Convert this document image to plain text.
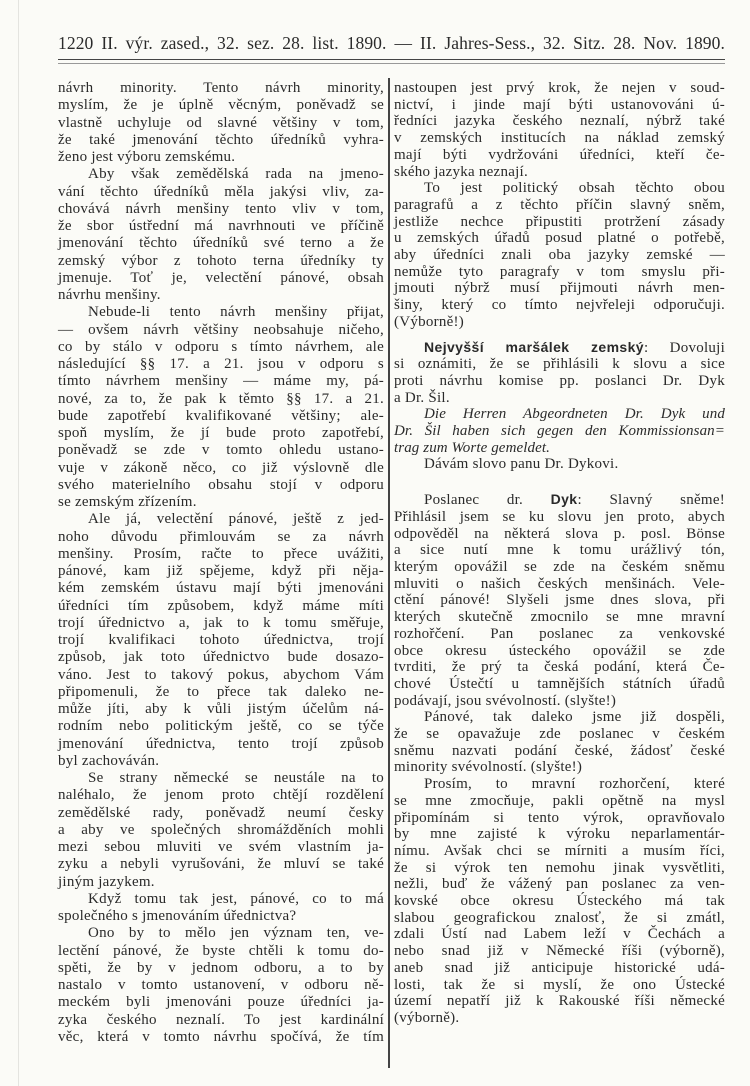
1220 II. výr. zased., 32. sez. 28. list. 1890. — II. Jahres-Sess., 32. Sitz. 28. Nov. 1890.
návrh minority. Tento návrh minority,
myslím, že je úplně věcným, poněvadž se
vlastně uchyluje od slavné většiny v tom,
že také jmenování těchto úředníků vyhra-
ženo jest výboru zemskému.
Aby však zemědělská rada na jmeno-
vání těchto úředníků měla jakýsi vliv, za-
chovává návrh menšiny tento vliv v tom,
že sbor ústřední má navrhnouti ve příčině
jmenování těchto úředníků své terno a že
zemský výbor z tohoto terna úředníky ty
jmenuje. Toť je, velectění pánové, obsah
návrhu menšiny.
Nebude-li tento návrh menšiny přijat,
— ovšem návrh většiny neobsahuje ničeho,
co by stálo v odporu s tímto návrhem, ale
následující §§ 17. a 21. jsou v odporu s
tímto návrhem menšiny — máme my, pá-
nové, za to, že pak k těmto §§ 17. a 21.
bude zapotřebí kvalifikované většiny; ale-
spoň myslím, že jí bude proto zapotřebí,
poněvadž se zde v tomto ohledu ustano-
vuje v zákoně něco, co již výslovně dle
svého materielního obsahu stojí v odporu
se zemským zřízením.
Ale já, velectění pánové, ještě z jed-
noho důvodu přimlouvám se za návrh
menšiny. Prosím, račte to přece uvážiti,
pánové, kam již spějeme, když při něja-
kém zemském ústavu mají býti jmenováni
úředníci tím způsobem, když máme míti
trojí úřednictvo a, jak to k tomu směřuje,
trojí kvalifikaci tohoto úřednictva, trojí
způsob, jak toto úřednictvo bude dosazo-
váno. Jest to takový pokus, abychom Vám
připomenuli, že to přece tak daleko ne-
může jíti, aby k vůli jistým účelům ná-
rodním nebo politickým ještě, co se týče
jmenování úřednictva, tento trojí způsob
byl zachováván.
Se strany německé se neustále na to
naléhalo, že jenom proto chtějí rozdělení
zemědělské rady, poněvadž neumí česky
a aby ve společných shromážděních mohli
mezi sebou mluviti ve svém vlastním ja-
zyku a nebyli vyrušováni, že mluví se také
jiným jazykem.
Když tomu tak jest, pánové, co to má
společného s jmenováním úřednictva?
Ono by to mělo jen význam ten, ve-
lectění pánové, že byste chtěli k tomu do-
spěti, že by v jednom odboru, a to by
nastalo v tomto ustanovení, v odboru ně-
meckém byli jmenováni pouze úředníci ja-
zyka českého neznalí. To jest kardinální
věc, která v tomto návrhu spočívá, že tím
nastoupen jest prvý krok, že nejen v soud-
nictví, i jinde mají býti ustanovováni ú-
ředníci jazyka českého neznalí, nýbrž také
v zemských institucích na náklad zemský
mají býti vydržováni úředníci, kteří če-
ského jazyka neznají.
To jest politický obsah těchto obou
paragrafů a z těchto příčin slavný sněm,
jestliže nechce připustiti protržení zásady
u zemských úřadů posud platné o potřebě,
aby úředníci znali oba jazyky zemské —
nemůže tyto paragrafy v tom smyslu při-
jmouti nýbrž musí přijmouti návrh men-
šiny, který co tímto nejvřeleji odporučuji.
(Výborně!)
Nejvyšší maršálek zemský: Dovoluji
si oznámiti, že se přihlásili k slovu a sice
proti návrhu komise pp. poslanci Dr. Dyk
a Dr. Šil.
Die Herren Abgeordneten Dr. Dyk und
Dr. Šil haben sich gegen den Kommissionsan=
trag zum Worte gemeldet.
Dávám slovo panu Dr. Dykovi.
Poslanec dr. Dyk: Slavný sněme!
Přihlásil jsem se ku slovu jen proto, abych
odpověděl na některá slova p. posl. Bönse
a sice nutí mne k tomu urážlivý tón,
kterým opovážil se zde na českém sněmu
mluviti o našich českých menšinách. Vele-
ctění pánové! Slyšeli jsme dnes slova, při
kterých skutečně zmocnilo se mne mravní
rozhořčení. Pan poslanec za venkovské
obce okresu ústeckého opovážil se zde
tvrditi, že prý ta česká podání, která Če-
chové Ústečtí u tamnějších státních úřadů
podávají, jsou svévolností. (slyšte!)
Pánové, tak daleko jsme již dospěli,
že se opavažuje zde poslanec v českém
sněmu nazvati podání české, žádosť české
minority svévolností. (slyšte!)
Prosím, to mravní rozhorčení, které
se mne zmocňuje, pakli opětně na mysl
připomínám si tento výrok, opravňovalo
by mne zajisté k výroku neparlamentár-
nímu. Avšak chci se mírniti a musím říci,
že si výrok ten nemohu jinak vysvětliti,
nežli, buď že vážený pan poslanec za ven-
kovské obce okresu Ústeckého má tak
slabou geografickou znalosť, že si zmátl,
zdali Ústí nad Labem leží v Čechách a
nebo snad již v Německé říši (výborně),
aneb snad již anticipuje historické udá-
losti, tak že si myslí, že ono Ústecké
území nepatří již k Rakouské říši německé
(výborně).
